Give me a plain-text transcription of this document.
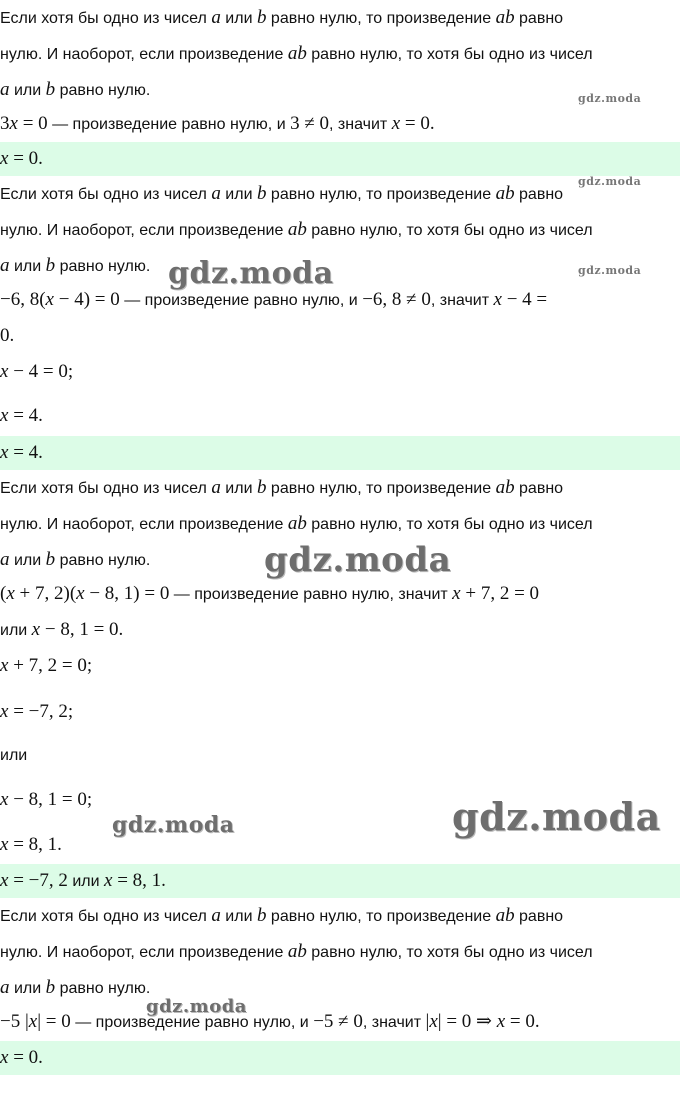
Если хотя бы одно из чисел a или b равно нулю, то произведение ab равно
нулю. И наоборот, если произведение ab равно нулю, то хотя бы одно из чисел
a или b равно нулю.
3x = 0 — произведение равно нулю, и 3 ≠ 0, значит x = 0.
x = 0.
Если хотя бы одно из чисел a или b равно нулю, то произведение ab равно
нулю. И наоборот, если произведение ab равно нулю, то хотя бы одно из чисел
a или b равно нулю.
−6, 8(x − 4) = 0 — произведение равно нулю, и −6, 8 ≠ 0, значит x − 4 =
0.
x − 4 = 0;
x = 4.
x = 4.
Если хотя бы одно из чисел a или b равно нулю, то произведение ab равно
нулю. И наоборот, если произведение ab равно нулю, то хотя бы одно из чисел
a или b равно нулю.
(x + 7, 2)(x − 8, 1) = 0 — произведение равно нулю, значит x + 7, 2 = 0
или x − 8, 1 = 0.
x + 7, 2 = 0;
x = −7, 2;
или
x − 8, 1 = 0;
x = 8, 1.
x = −7, 2 или x = 8, 1.
Если хотя бы одно из чисел a или b равно нулю, то произведение ab равно
нулю. И наоборот, если произведение ab равно нулю, то хотя бы одно из чисел
a или b равно нулю.
−5 |x| = 0 — произведение равно нулю, и −5 ≠ 0, значит |x| = 0 ⇒ x = 0.
x = 0.
gdz.moda
gdz.moda
gdz.moda
gdz.moda
gdz.moda
gdz.moda
gdz.moda
gdz.moda
